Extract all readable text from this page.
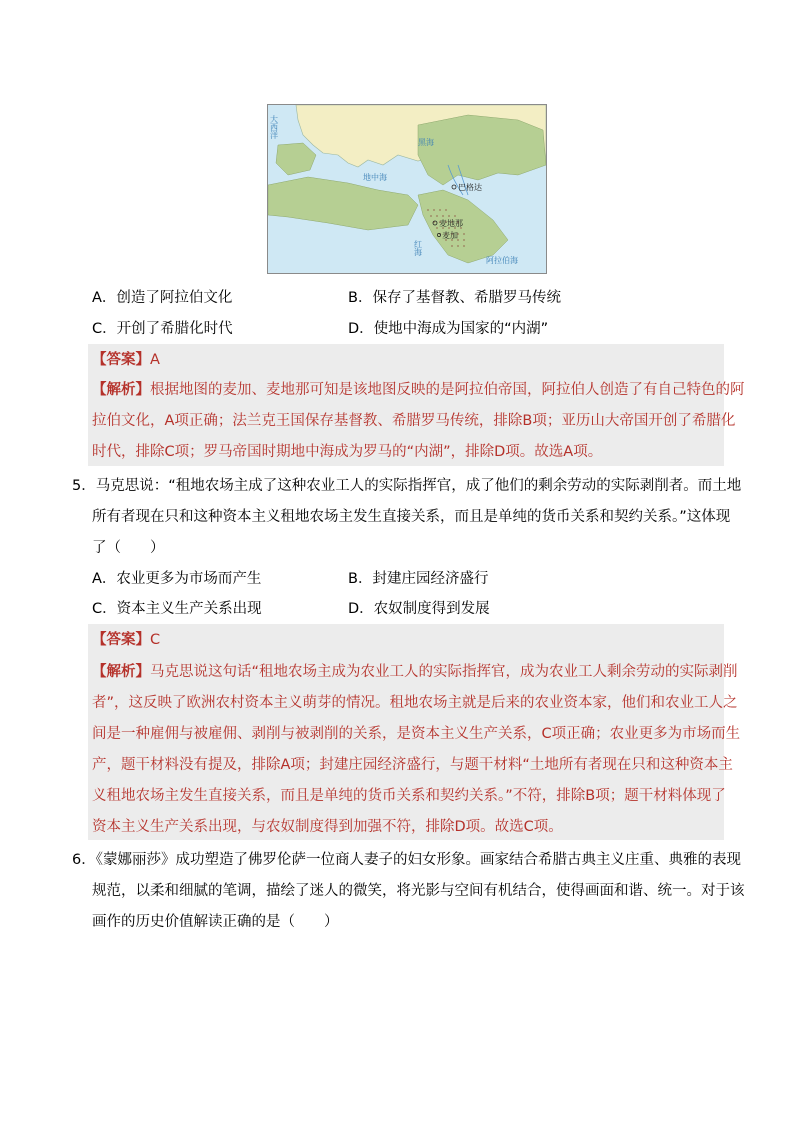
大西洋
黑海
地中海
红海
阿拉伯海
巴格达
麦地那
麦加
A．创造了阿拉伯文化	B．保存了基督教、希腊罗马传统
C．开创了希腊化时代	D．使地中海成为国家的“内湖”
【答案】A
【解析】根据地图的麦加、麦地那可知是该地图反映的是阿拉伯帝国，阿拉伯人创造了有自己特色的阿
拉伯文化，A项正确；法兰克王国保存基督教、希腊罗马传统，排除B项；亚历山大帝国开创了希腊化
时代，排除C项；罗马帝国时期地中海成为罗马的“内湖”，排除D项。故选A项。
5．马克思说：“租地农场主成了这种农业工人的实际指挥官，成了他们的剩余劳动的实际剥削者。而土地
所有者现在只和这种资本主义租地农场主发生直接关系，而且是单纯的货币关系和契约关系。”这体现
了（　　）
A．农业更多为市场而产生	B．封建庄园经济盛行
C．资本主义生产关系出现	D．农奴制度得到发展
【答案】C
【解析】马克思说这句话“租地农场主成为农业工人的实际指挥官，成为农业工人剩余劳动的实际剥削
者”，这反映了欧洲农村资本主义萌芽的情况。租地农场主就是后来的农业资本家，他们和农业工人之
间是一种雇佣与被雇佣、剥削与被剥削的关系，是资本主义生产关系，C项正确；农业更多为市场而生
产，题干材料没有提及，排除A项；封建庄园经济盛行，与题干材料“土地所有者现在只和这种资本主
义租地农场主发生直接关系，而且是单纯的货币关系和契约关系。”不符，排除B项；题干材料体现了
资本主义生产关系出现，与农奴制度得到加强不符，排除D项。故选C项。
6．《蒙娜丽莎》成功塑造了佛罗伦萨一位商人妻子的妇女形象。画家结合希腊古典主义庄重、典雅的表现
规范，以柔和细腻的笔调，描绘了迷人的微笑，将光影与空间有机结合，使得画面和谐、统一。对于该
画作的历史价值解读正确的是（　　）
